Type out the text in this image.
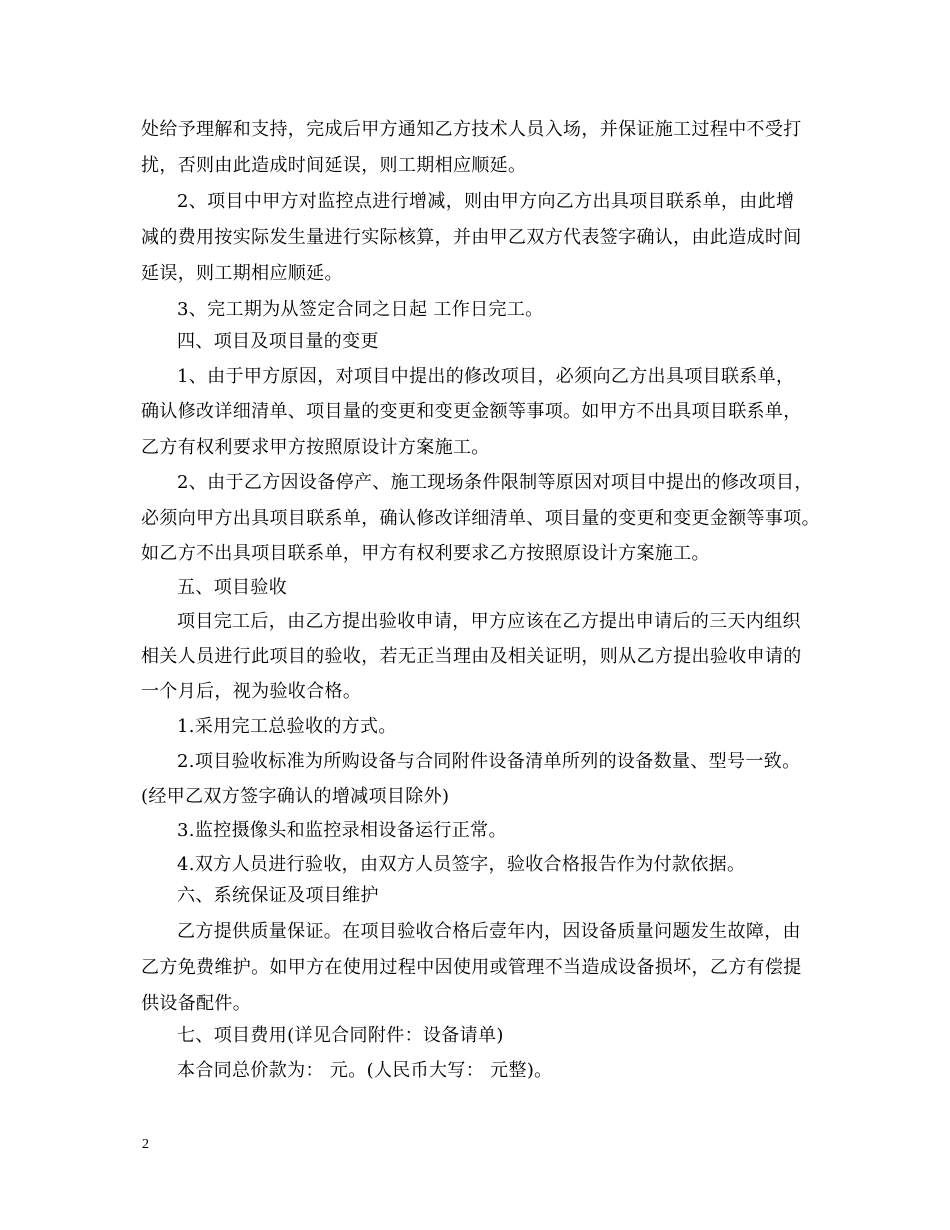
处给予理解和支持，完成后甲方通知乙方技术人员入场，并保证施工过程中不受打
扰，否则由此造成时间延误，则工期相应顺延。
2、项目中甲方对监控点进行增减，则由甲方向乙方出具项目联系单，由此增
减的费用按实际发生量进行实际核算，并由甲乙双方代表签字确认，由此造成时间
延误，则工期相应顺延。
3、完工期为从签定合同之日起 工作日完工。
四、项目及项目量的变更
1、由于甲方原因，对项目中提出的修改项目，必须向乙方出具项目联系单，
确认修改详细清单、项目量的变更和变更金额等事项。如甲方不出具项目联系单，
乙方有权利要求甲方按照原设计方案施工。
2、由于乙方因设备停产、施工现场条件限制等原因对项目中提出的修改项目，
必须向甲方出具项目联系单，确认修改详细清单、项目量的变更和变更金额等事项。
如乙方不出具项目联系单，甲方有权利要求乙方按照原设计方案施工。
五、项目验收
项目完工后，由乙方提出验收申请，甲方应该在乙方提出申请后的三天内组织
相关人员进行此项目的验收，若无正当理由及相关证明，则从乙方提出验收申请的
一个月后，视为验收合格。
1.采用完工总验收的方式。
2.项目验收标准为所购设备与合同附件设备清单所列的设备数量、型号一致。
(经甲乙双方签字确认的增减项目除外)
3.监控摄像头和监控录相设备运行正常。
4.双方人员进行验收，由双方人员签字，验收合格报告作为付款依据。
六、系统保证及项目维护
乙方提供质量保证。在项目验收合格后壹年内，因设备质量问题发生故障，由
乙方免费维护。如甲方在使用过程中因使用或管理不当造成设备损坏，乙方有偿提
供设备配件。
七、项目费用(详见合同附件：设备请单)
本合同总价款为： 元。(人民币大写： 元整)。
2
